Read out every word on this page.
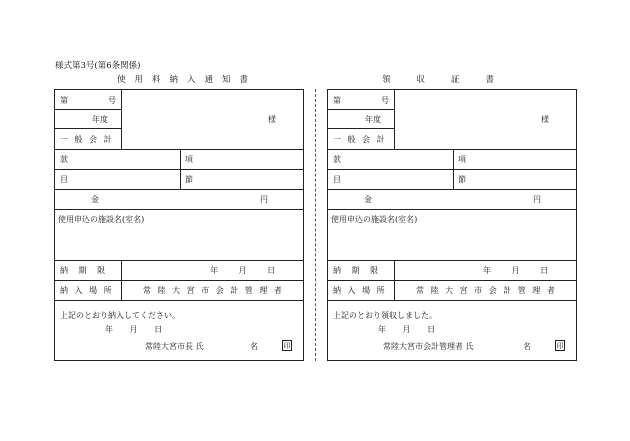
様式第3号(第6条関係)
使用料納入通知書	領収証書
第	号
年度
一 般 会 計
様
款	項
目	節
金	円
使用申込の施設名(室名)
納 期 限	年 月 日
納 入 場 所	常 陸 大 宮 市 会 計 管 理 者
上記のとおり納入してください。
年 月 日
常陸大宮市長 氏	名	印
第	号
年度
一 般 会 計
様
款	項
目	節
金	円
使用申込の施設名(室名)
納 期 限	年 月 日
納 入 場 所	常 陸 大 宮 市 会 計 管 理 者
上記のとおり領収しました。
年 月 日
常陸大宮市会計管理者 氏	名	印
